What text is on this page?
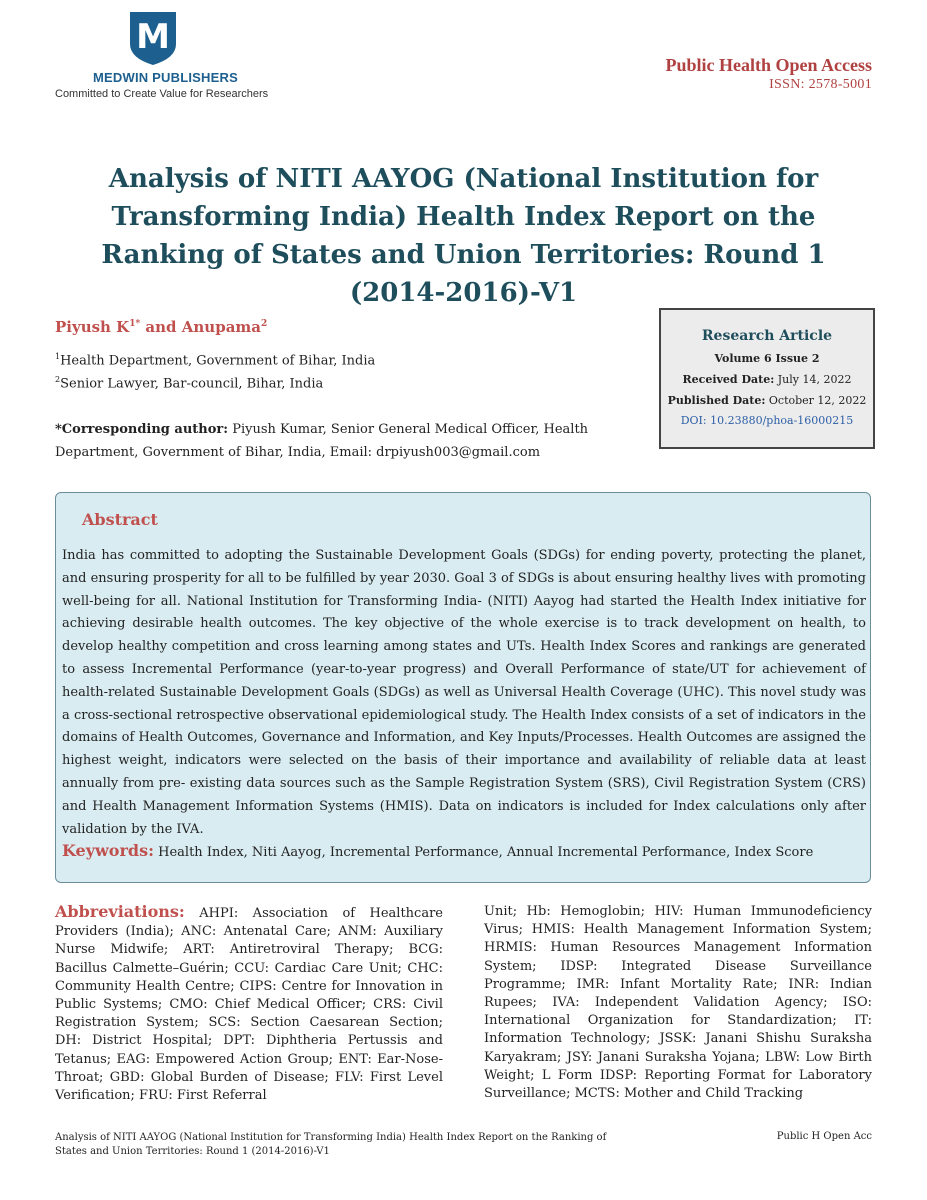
M
MEDWIN PUBLISHERS
Committed to Create Value for Researchers
Public Health Open Access
ISSN: 2578-5001
Analysis of NITI AAYOG (National Institution for Transforming India) Health Index Report on the Ranking of States and Union Territories: Round 1 (2014-2016)-V1
Piyush $K^{1*}$ and Anupama$^2$
$^1$Health Department, Government of Bihar, India
$^2$Senior Lawyer, Bar-council, Bihar, India
*Corresponding author: Piyush Kumar, Senior General Medical Officer, Health Department, Government of Bihar, India, Email: drpiyush003@gmail.com
Research Article
Volume 6 Issue 2
Received Date: July 14, 2022
Published Date: October 12, 2022
DOI: 10.23880/phoa-16000215
Abstract
India has committed to adopting the Sustainable Development Goals (SDGs) for ending poverty, protecting the planet, and ensuring prosperity for all to be fulfilled by year 2030. Goal 3 of SDGs is about ensuring healthy lives with promoting well-being for all. National Institution for Transforming India- (NITI) Aayog had started the Health Index initiative for achieving desirable health outcomes. The key objective of the whole exercise is to track development on health, to develop healthy competition and cross learning among states and UTs. Health Index Scores and rankings are generated to assess Incremental Performance (year-to-year progress) and Overall Performance of state/UT for achievement of health-related Sustainable Development Goals (SDGs) as well as Universal Health Coverage (UHC). This novel study was a cross-sectional retrospective observational epidemiological study. The Health Index consists of a set of indicators in the domains of Health Outcomes, Governance and Information, and Key Inputs/Processes. Health Outcomes are assigned the highest weight, indicators were selected on the basis of their importance and availability of reliable data at least annually from pre- existing data sources such as the Sample Registration System (SRS), Civil Registration System (CRS) and Health Management Information Systems (HMIS). Data on indicators is included for Index calculations only after validation by the IVA.
Keywords: Health Index, Niti Aayog, Incremental Performance, Annual Incremental Performance, Index Score
Abbreviations: AHPI: Association of Healthcare Providers (India); ANC: Antenatal Care; ANM: Auxiliary Nurse Midwife; ART: Antiretroviral Therapy; BCG: Bacillus Calmette–Guérin; CCU: Cardiac Care Unit; CHC: Community Health Centre; CIPS: Centre for Innovation in Public Systems; CMO: Chief Medical Officer; CRS: Civil Registration System; SCS: Section Caesarean Section; DH: District Hospital; DPT: Diphtheria Pertussis and Tetanus; EAG: Empowered Action Group; ENT: Ear-Nose-Throat; GBD: Global Burden of Disease; FLV: First Level Verification; FRU: First Referral
Unit; Hb: Hemoglobin; HIV: Human Immunodeficiency Virus; HMIS: Health Management Information System; HRMIS: Human Resources Management Information System; IDSP: Integrated Disease Surveillance Programme; IMR: Infant Mortality Rate; INR: Indian Rupees; IVA: Independent Validation Agency; ISO: International Organization for Standardization; IT: Information Technology; JSSK: Janani Shishu Suraksha Karyakram; JSY: Janani Suraksha Yojana; LBW: Low Birth Weight; L Form IDSP: Reporting Format for Laboratory Surveillance; MCTS: Mother and Child Tracking
Analysis of NITI AAYOG (National Institution for Transforming India) Health Index Report on the Ranking of States and Union Territories: Round 1 (2014-2016)-V1
Public H Open Acc
